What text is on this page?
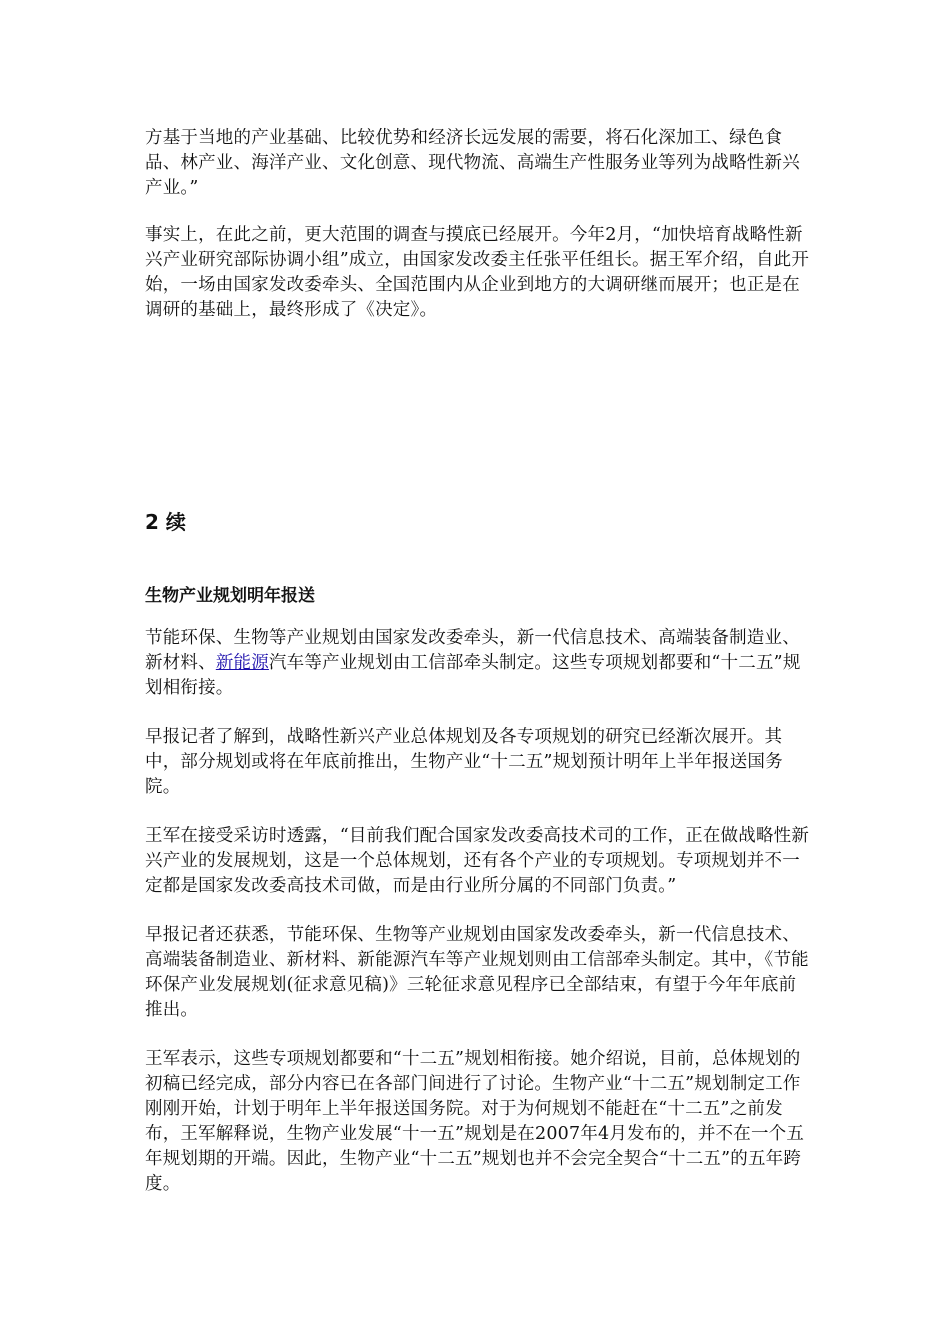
方基于当地的产业基础、比较优势和经济长远发展的需要，将石化深加工、绿色食品、林产业、海洋产业、文化创意、现代物流、高端生产性服务业等列为战略性新兴产业。”

事实上，在此之前，更大范围的调查与摸底已经展开。今年2月，“加快培育战略性新兴产业研究部际协调小组”成立，由国家发改委主任张平任组长。据王军介绍，自此开始，一场由国家发改委牵头、全国范围内从企业到地方的大调研继而展开；也正是在调研的基础上，最终形成了《决定》。

2 续
生物产业规划明年报送

节能环保、生物等产业规划由国家发改委牵头，新一代信息技术、高端装备制造业、新材料、新能源汽车等产业规划由工信部牵头制定。这些专项规划都要和“十二五”规划相衔接。

早报记者了解到，战略性新兴产业总体规划及各专项规划的研究已经渐次展开。其中，部分规划或将在年底前推出，生物产业“十二五”规划预计明年上半年报送国务院。

王军在接受采访时透露，“目前我们配合国家发改委高技术司的工作，正在做战略性新兴产业的发展规划，这是一个总体规划，还有各个产业的专项规划。专项规划并不一定都是国家发改委高技术司做，而是由行业所分属的不同部门负责。”

早报记者还获悉，节能环保、生物等产业规划由国家发改委牵头，新一代信息技术、高端装备制造业、新材料、新能源汽车等产业规划则由工信部牵头制定。其中，《节能环保产业发展规划(征求意见稿)》三轮征求意见程序已全部结束，有望于今年年底前推出。

王军表示，这些专项规划都要和“十二五”规划相衔接。她介绍说，目前，总体规划的初稿已经完成，部分内容已在各部门间进行了讨论。生物产业“十二五”规划制定工作刚刚开始，计划于明年上半年报送国务院。对于为何规划不能赶在“十二五”之前发布，王军解释说，生物产业发展“十一五”规划是在2007年4月发布的，并不在一个五年规划期的开端。因此，生物产业“十二五”规划也并不会完全契合“十二五”的五年跨度。
